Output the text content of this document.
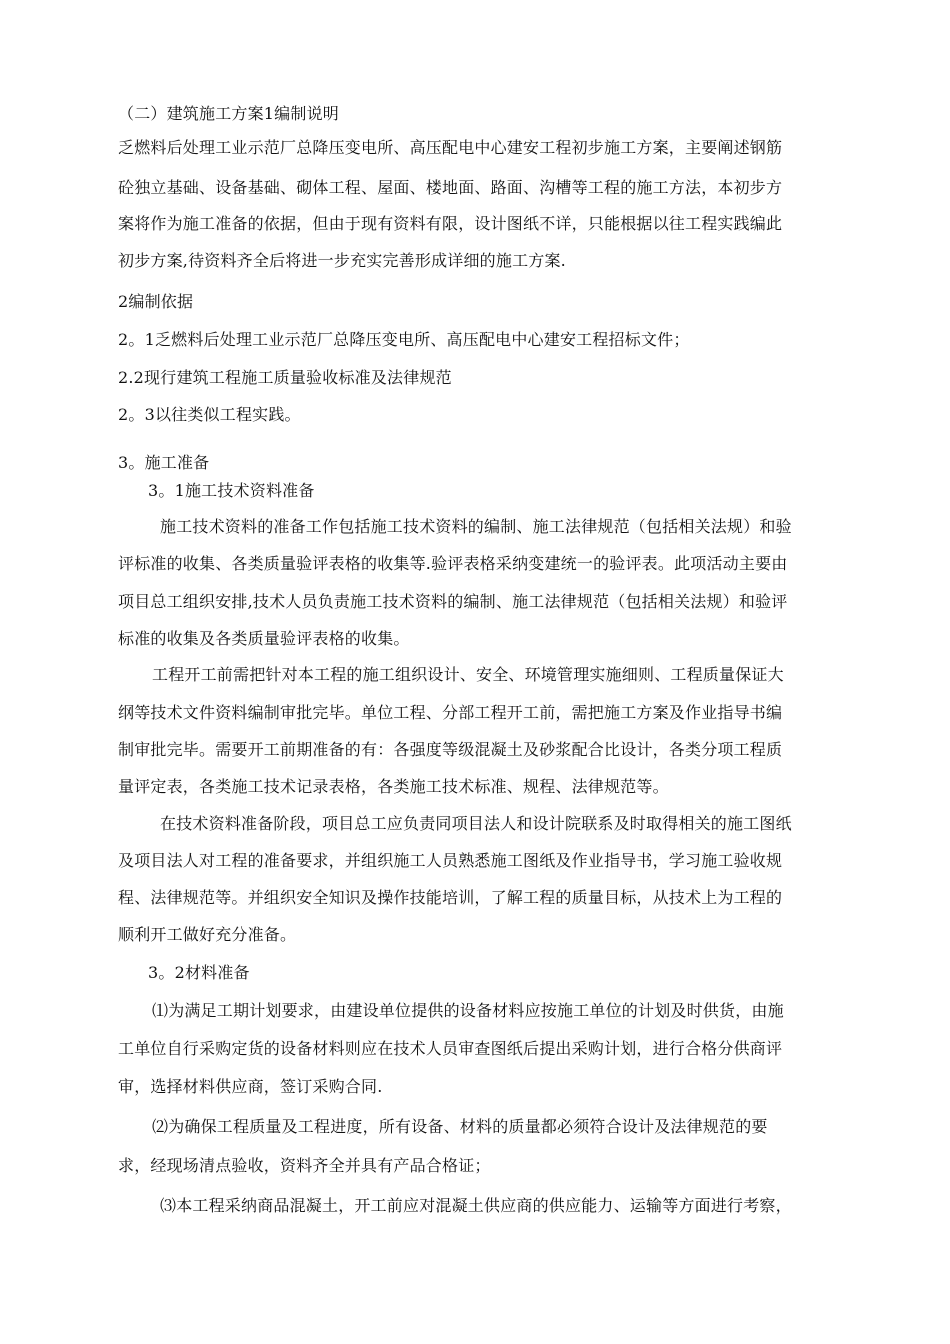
（二）建筑施工方案1编制说明
乏燃料后处理工业示范厂总降压变电所、高压配电中心建安工程初步施工方案，主要阐述钢筋
砼独立基础、设备基础、砌体工程、屋面、楼地面、路面、沟槽等工程的施工方法，本初步方
案将作为施工准备的依据，但由于现有资料有限，设计图纸不详，只能根据以往工程实践编此
初步方案,待资料齐全后将进一步充实完善形成详细的施工方案.
2编制依据
2。1乏燃料后处理工业示范厂总降压变电所、高压配电中心建安工程招标文件；
2.2现行建筑工程施工质量验收标准及法律规范
2。3以往类似工程实践。
3。施工准备
3。1施工技术资料准备
施工技术资料的准备工作包括施工技术资料的编制、施工法律规范（包括相关法规）和验
评标准的收集、各类质量验评表格的收集等.验评表格采纳变建统一的验评表。此项活动主要由
项目总工组织安排,技术人员负责施工技术资料的编制、施工法律规范（包括相关法规）和验评
标准的收集及各类质量验评表格的收集。
工程开工前需把针对本工程的施工组织设计、安全、环境管理实施细则、工程质量保证大
纲等技术文件资料编制审批完毕。单位工程、分部工程开工前，需把施工方案及作业指导书编
制审批完毕。需要开工前期准备的有：各强度等级混凝土及砂浆配合比设计，各类分项工程质
量评定表，各类施工技术记录表格，各类施工技术标准、规程、法律规范等。
在技术资料准备阶段，项目总工应负责同项目法人和设计院联系及时取得相关的施工图纸
及项目法人对工程的准备要求，并组织施工人员熟悉施工图纸及作业指导书，学习施工验收规
程、法律规范等。并组织安全知识及操作技能培训，了解工程的质量目标，从技术上为工程的
顺利开工做好充分准备。
3。2材料准备
⑴为满足工期计划要求，由建设单位提供的设备材料应按施工单位的计划及时供货，由施
工单位自行采购定货的设备材料则应在技术人员审查图纸后提出采购计划，进行合格分供商评
审，选择材料供应商，签订采购合同.
⑵为确保工程质量及工程进度，所有设备、材料的质量都必须符合设计及法律规范的要
求，经现场清点验收，资料齐全并具有产品合格证；
⑶本工程采纳商品混凝土，开工前应对混凝土供应商的供应能力、运输等方面进行考察，
